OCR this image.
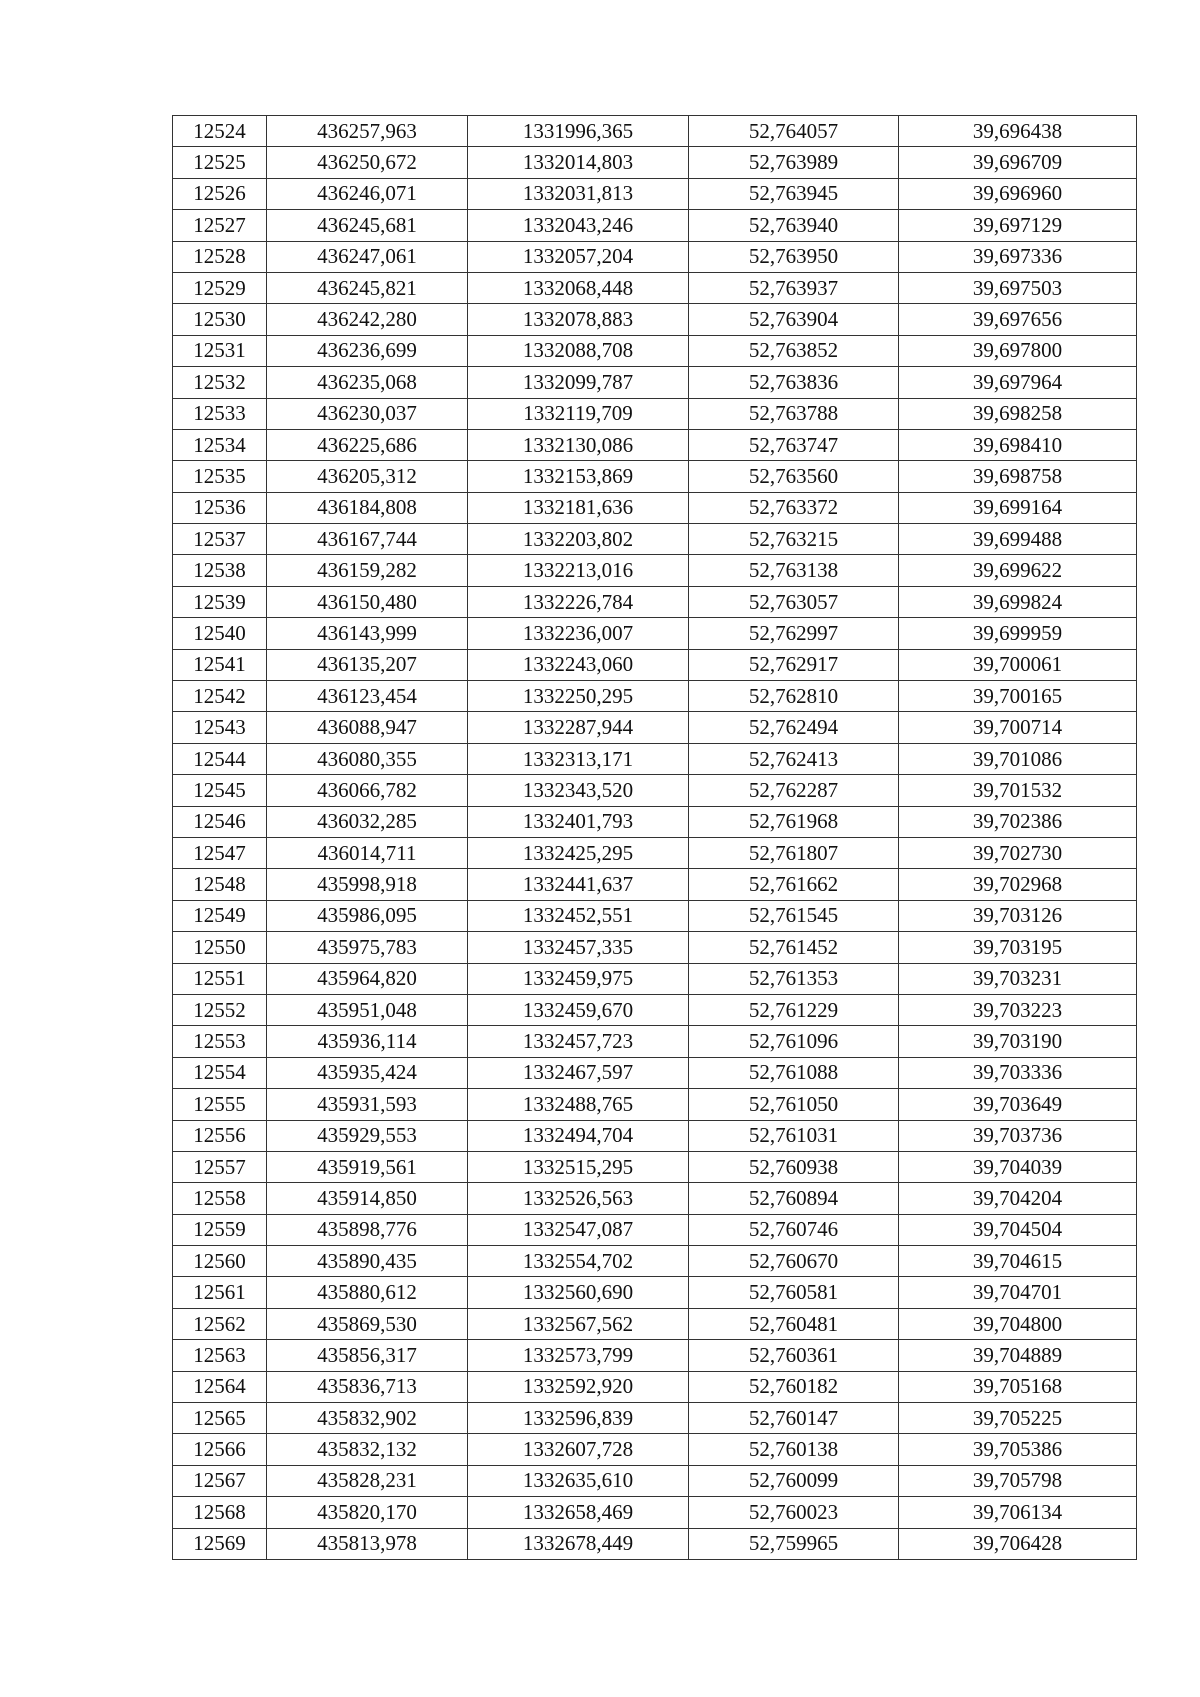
12524	436257,963	1331996,365	52,764057	39,696438
12525	436250,672	1332014,803	52,763989	39,696709
12526	436246,071	1332031,813	52,763945	39,696960
12527	436245,681	1332043,246	52,763940	39,697129
12528	436247,061	1332057,204	52,763950	39,697336
12529	436245,821	1332068,448	52,763937	39,697503
12530	436242,280	1332078,883	52,763904	39,697656
12531	436236,699	1332088,708	52,763852	39,697800
12532	436235,068	1332099,787	52,763836	39,697964
12533	436230,037	1332119,709	52,763788	39,698258
12534	436225,686	1332130,086	52,763747	39,698410
12535	436205,312	1332153,869	52,763560	39,698758
12536	436184,808	1332181,636	52,763372	39,699164
12537	436167,744	1332203,802	52,763215	39,699488
12538	436159,282	1332213,016	52,763138	39,699622
12539	436150,480	1332226,784	52,763057	39,699824
12540	436143,999	1332236,007	52,762997	39,699959
12541	436135,207	1332243,060	52,762917	39,700061
12542	436123,454	1332250,295	52,762810	39,700165
12543	436088,947	1332287,944	52,762494	39,700714
12544	436080,355	1332313,171	52,762413	39,701086
12545	436066,782	1332343,520	52,762287	39,701532
12546	436032,285	1332401,793	52,761968	39,702386
12547	436014,711	1332425,295	52,761807	39,702730
12548	435998,918	1332441,637	52,761662	39,702968
12549	435986,095	1332452,551	52,761545	39,703126
12550	435975,783	1332457,335	52,761452	39,703195
12551	435964,820	1332459,975	52,761353	39,703231
12552	435951,048	1332459,670	52,761229	39,703223
12553	435936,114	1332457,723	52,761096	39,703190
12554	435935,424	1332467,597	52,761088	39,703336
12555	435931,593	1332488,765	52,761050	39,703649
12556	435929,553	1332494,704	52,761031	39,703736
12557	435919,561	1332515,295	52,760938	39,704039
12558	435914,850	1332526,563	52,760894	39,704204
12559	435898,776	1332547,087	52,760746	39,704504
12560	435890,435	1332554,702	52,760670	39,704615
12561	435880,612	1332560,690	52,760581	39,704701
12562	435869,530	1332567,562	52,760481	39,704800
12563	435856,317	1332573,799	52,760361	39,704889
12564	435836,713	1332592,920	52,760182	39,705168
12565	435832,902	1332596,839	52,760147	39,705225
12566	435832,132	1332607,728	52,760138	39,705386
12567	435828,231	1332635,610	52,760099	39,705798
12568	435820,170	1332658,469	52,760023	39,706134
12569	435813,978	1332678,449	52,759965	39,706428
